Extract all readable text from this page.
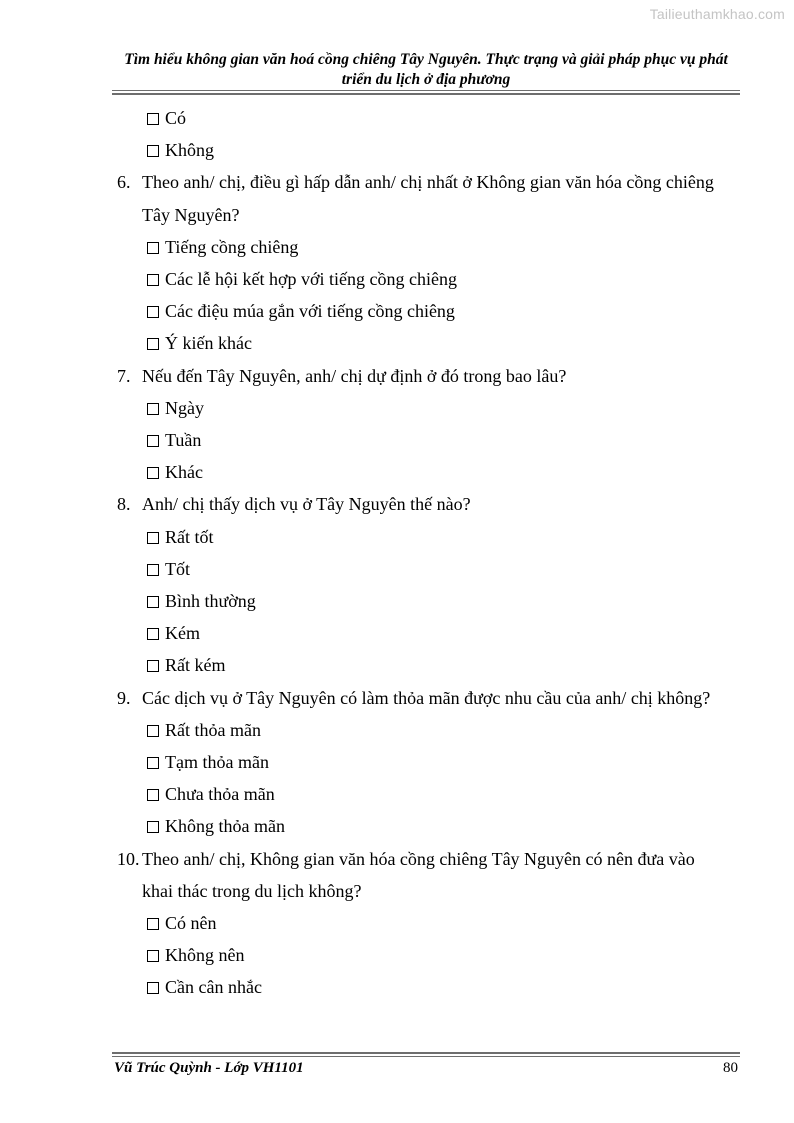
Tailieuthamkhao.com
Tìm hiểu không gian văn hoá cồng chiêng Tây Nguyên. Thực trạng và giải pháp phục vụ phát triển du lịch ở địa phương
Có
Không
6. Theo anh/ chị, điều gì hấp dẫn anh/ chị nhất ở Không gian văn hóa cồng chiêng
Tây Nguyên?
Tiếng cồng chiêng
Các lễ hội kết hợp với tiếng cồng chiêng
Các điệu múa gắn với tiếng cồng chiêng
Ý kiến khác
7. Nếu đến Tây Nguyên, anh/ chị dự định ở đó trong bao lâu?
Ngày
Tuần
Khác
8. Anh/ chị thấy dịch vụ ở Tây Nguyên thế nào?
Rất tốt
Tốt
Bình thường
Kém
Rất kém
9. Các dịch vụ ở Tây Nguyên có làm thỏa mãn được nhu cầu của anh/ chị không?
Rất thỏa mãn
Tạm thỏa mãn
Chưa thỏa mãn
Không thỏa mãn
10. Theo anh/ chị, Không gian văn hóa cồng chiêng Tây Nguyên có nên đưa vào
khai thác trong du lịch không?
Có nên
Không nên
Cần cân nhắc
Vũ Trúc Quỳnh - Lớp VH1101	80
